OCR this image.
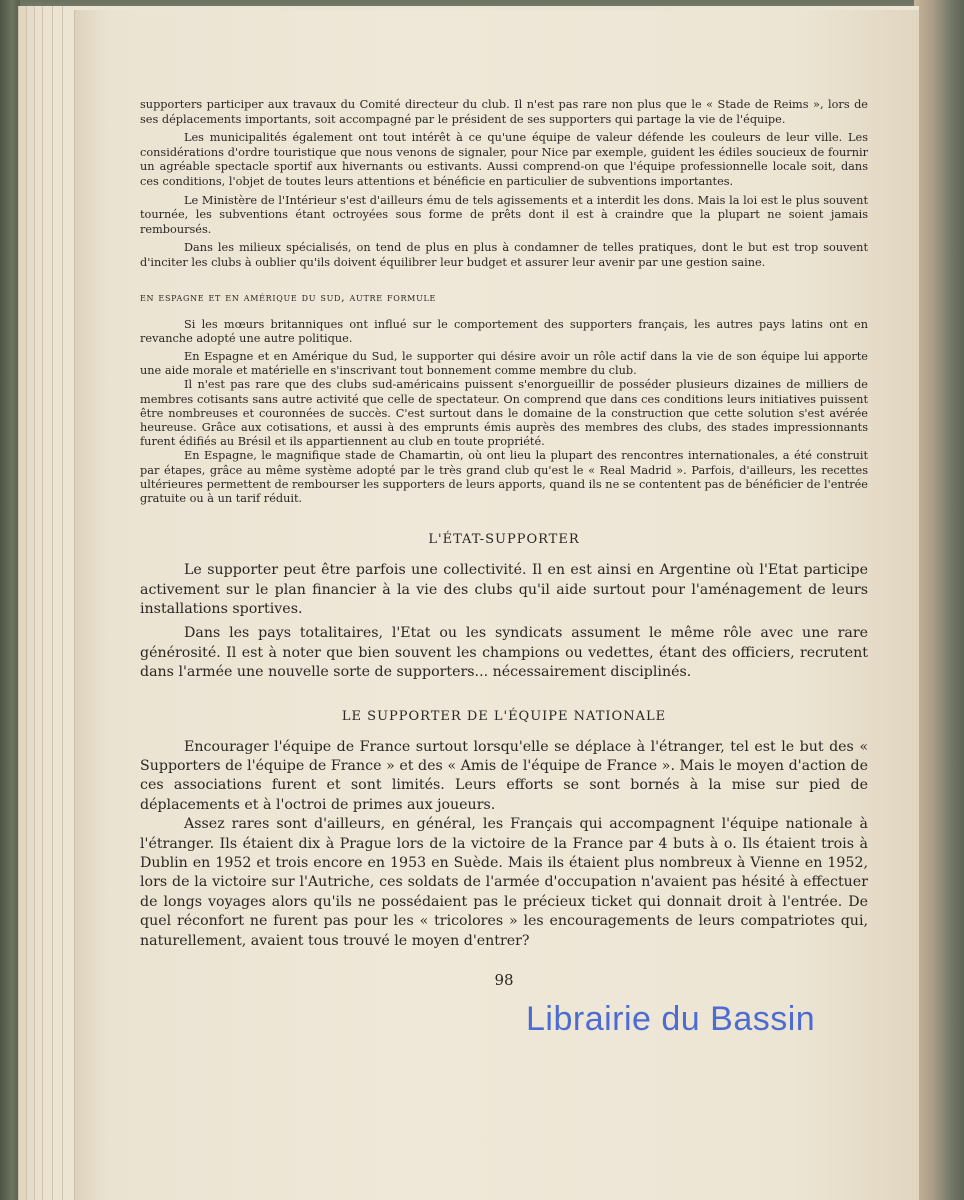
supporters participer aux travaux du Comité directeur du club. Il n'est pas rare non plus que le « Stade de Reims », lors de ses déplacements importants, soit accompagné par le président de ses supporters qui partage la vie de l'équipe.

Les municipalités également ont tout intérêt à ce qu'une équipe de valeur défende les couleurs de leur ville. Les considérations d'ordre touristique que nous venons de signaler, pour Nice par exemple, guident les édiles soucieux de fournir un agréable spectacle sportif aux hivernants ou estivants. Aussi comprend-on que l'équipe professionnelle locale soit, dans ces conditions, l'objet de toutes leurs attentions et bénéficie en particulier de subventions importantes.

Le Ministère de l'Intérieur s'est d'ailleurs ému de tels agissements et a interdit les dons. Mais la loi est le plus souvent tournée, les subventions étant octroyées sous forme de prêts dont il est à craindre que la plupart ne soient jamais remboursés.

Dans les milieux spécialisés, on tend de plus en plus à condamner de telles pratiques, dont le but est trop souvent d'inciter les clubs à oublier qu'ils doivent équilibrer leur budget et assurer leur avenir par une gestion saine.

en espagne et en amérique du sud, autre formule

Si les mœurs britanniques ont influé sur le comportement des supporters français, les autres pays latins ont en revanche adopté une autre politique.

En Espagne et en Amérique du Sud, le supporter qui désire avoir un rôle actif dans la vie de son équipe lui apporte une aide morale et matérielle en s'inscrivant tout bonnement comme membre du club.

Il n'est pas rare que des clubs sud-américains puissent s'enorgueillir de posséder plusieurs dizaines de milliers de membres cotisants sans autre activité que celle de spectateur. On comprend que dans ces conditions leurs initiatives puissent être nombreuses et couronnées de succès. C'est surtout dans le domaine de la construction que cette solution s'est avérée heureuse. Grâce aux cotisations, et aussi à des emprunts émis auprès des membres des clubs, des stades impressionnants furent édifiés au Brésil et ils appartiennent au club en toute propriété.

En Espagne, le magnifique stade de Chamartin, où ont lieu la plupart des rencontres internationales, a été construit par étapes, grâce au même système adopté par le très grand club qu'est le « Real Madrid ». Parfois, d'ailleurs, les recettes ultérieures permettent de rembourser les supporters de leurs apports, quand ils ne se contentent pas de bénéficier de l'entrée gratuite ou à un tarif réduit.

L'ÉTAT-SUPPORTER

Le supporter peut être parfois une collectivité. Il en est ainsi en Argentine où l'Etat participe activement sur le plan financier à la vie des clubs qu'il aide surtout pour l'aménagement de leurs installations sportives.

Dans les pays totalitaires, l'Etat ou les syndicats assument le même rôle avec une rare générosité. Il est à noter que bien souvent les champions ou vedettes, étant des officiers, recrutent dans l'armée une nouvelle sorte de supporters... nécessairement disciplinés.

LE SUPPORTER DE L'ÉQUIPE NATIONALE

Encourager l'équipe de France surtout lorsqu'elle se déplace à l'étranger, tel est le but des « Supporters de l'équipe de France » et des « Amis de l'équipe de France ». Mais le moyen d'action de ces associations furent et sont limités. Leurs efforts se sont bornés à la mise sur pied de déplacements et à l'octroi de primes aux joueurs.

Assez rares sont d'ailleurs, en général, les Français qui accompagnent l'équipe nationale à l'étranger. Ils étaient dix à Prague lors de la victoire de la France par 4 buts à o. Ils étaient trois à Dublin en 1952 et trois encore en 1953 en Suède. Mais ils étaient plus nombreux à Vienne en 1952, lors de la victoire sur l'Autriche, ces soldats de l'armée d'occupation n'avaient pas hésité à effectuer de longs voyages alors qu'ils ne possédaient pas le précieux ticket qui donnait droit à l'entrée. De quel réconfort ne furent pas pour les « tricolores » les encouragements de leurs compatriotes qui, naturellement, avaient tous trouvé le moyen d'entrer?

98
Librairie du Bassin
